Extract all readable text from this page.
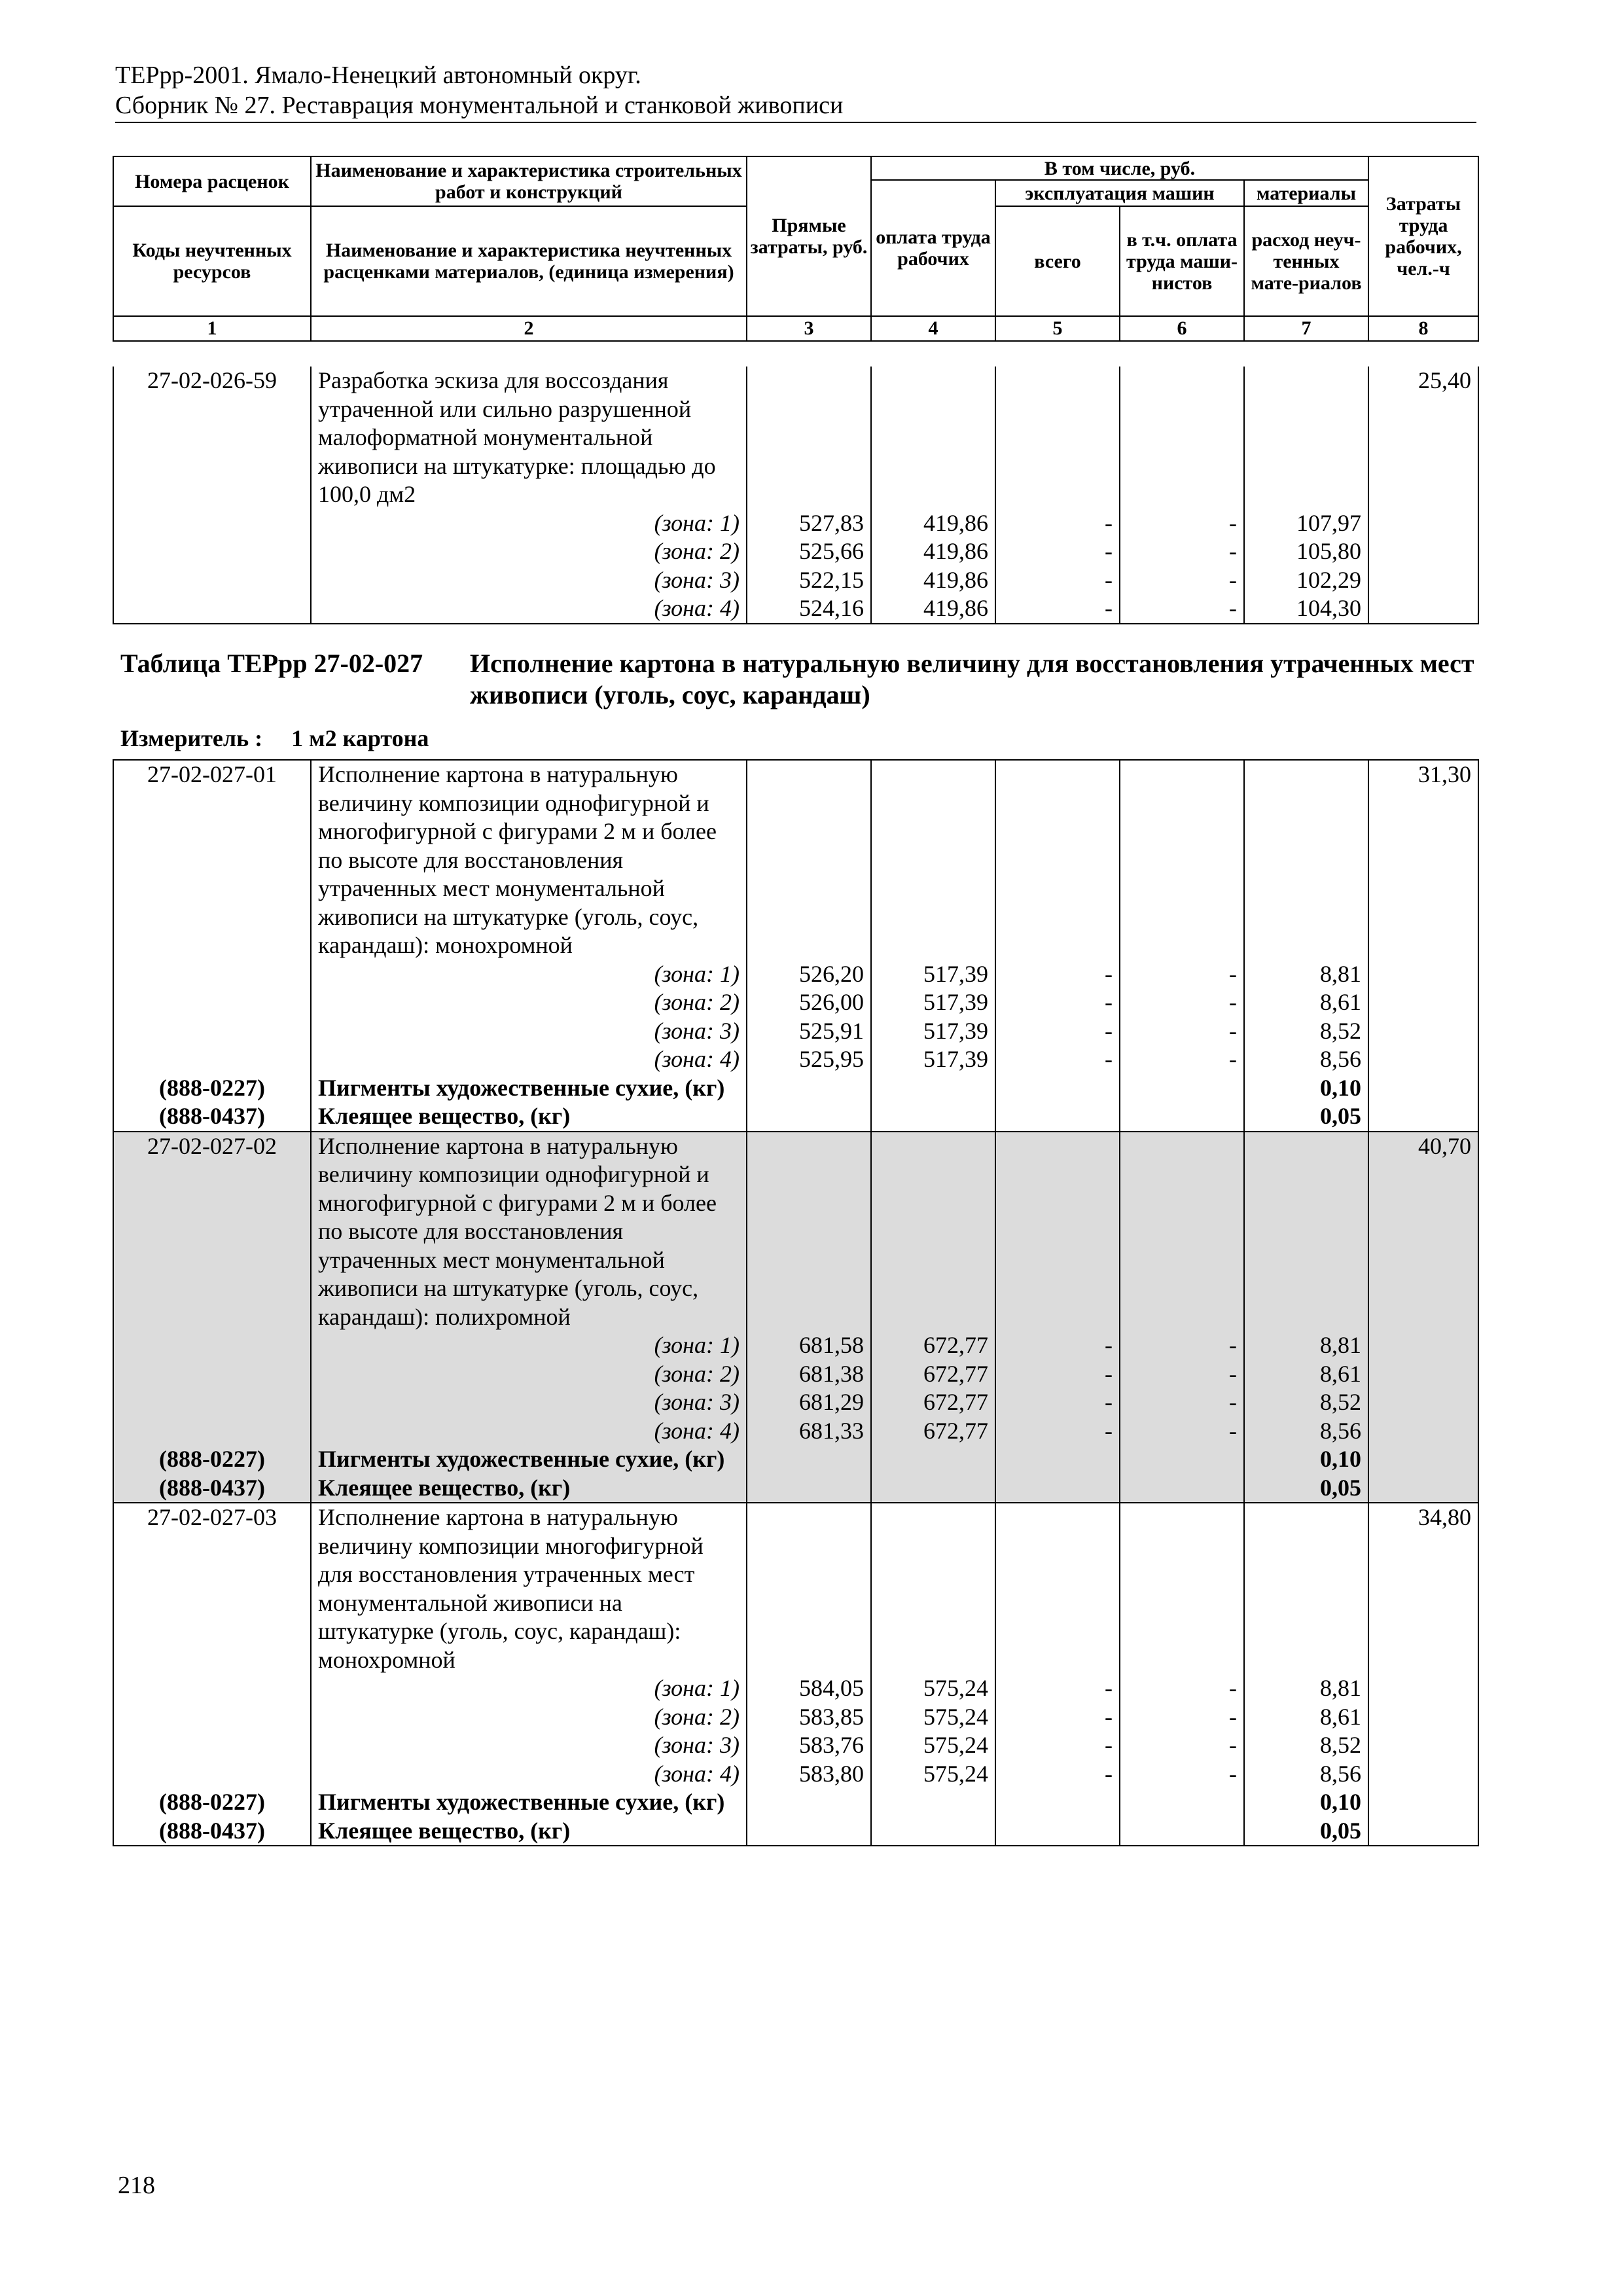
ТЕРрр-2001. Ямало-Ненецкий автономный округ.
Сборник № 27. Реставрация монументальной и станковой живописи
Номера расценок	Наименование и характеристика строительных работ и конструкций	Прямые затраты, руб.	В том числе, руб.				Затраты труда рабочих, чел.-ч
			оплата труда рабочих	эксплуатация машин		материалы	
Коды неучтенных ресурсов	Наименование и характеристика неучтенных расценками материалов, (единица измерения)			всего	в т.ч. оплата труда маши-нистов	расход неуч-тенных мате-риалов	

1	2	3	4	5	6	7	8
27-02-026-59	Разработка эскиза для воссоздания утраченной или сильно разрушенной малоформатной монументальной живописи на штукатурке: площадью до 100,0 дм2						25,40

	(зона: 1)	527,83	419,86	-	-	107,97	

	(зона: 2)	525,66	419,86	-	-	105,80	

	(зона: 3)	522,15	419,86	-	-	102,29	

	(зона: 4)	524,16	419,86	-	-	104,30	
Таблица ТЕРрр 27-02-027 Исполнение картона в натуральную величину для восстановления утраченных мест живописи (уголь, соус, карандаш)
Измеритель : 1 м2 картона
27-02-027-01	Исполнение картона в натуральную величину композиции однофигурной и многофигурной с фигурами 2 м и более по высоте для восстановления утраченных мест монументальной живописи на штукатурке (уголь, соус, карандаш): монохромной						31,30

	(зона: 1)	526,20	517,39	-	-	8,81	

	(зона: 2)	526,00	517,39	-	-	8,61	

	(зона: 3)	525,91	517,39	-	-	8,52	

	(зона: 4)	525,95	517,39	-	-	8,56	
(888-0227)	Пигменты художественные сухие, (кг)					0,10	
(888-0437)	Клеящее вещество, (кг)					0,05	
27-02-027-02	Исполнение картона в натуральную величину композиции однофигурной и многофигурной с фигурами 2 м и более по высоте для восстановления утраченных мест монументальной живописи на штукатурке (уголь, соус, карандаш): полихромной						40,70

	(зона: 1)	681,58	672,77	-	-	8,81	

	(зона: 2)	681,38	672,77	-	-	8,61	

	(зона: 3)	681,29	672,77	-	-	8,52	

	(зона: 4)	681,33	672,77	-	-	8,56	
(888-0227)	Пигменты художественные сухие, (кг)					0,10	
(888-0437)	Клеящее вещество, (кг)					0,05	
27-02-027-03	Исполнение картона в натуральную величину композиции многофигурной для восстановления утраченных мест монументальной живописи на штукатурке (уголь, соус, карандаш): монохромной						34,80

	(зона: 1)	584,05	575,24	-	-	8,81	

	(зона: 2)	583,85	575,24	-	-	8,61	

	(зона: 3)	583,76	575,24	-	-	8,52	

	(зона: 4)	583,80	575,24	-	-	8,56	
(888-0227)	Пигменты художественные сухие, (кг)					0,10	
(888-0437)	Клеящее вещество, (кг)					0,05	
218
